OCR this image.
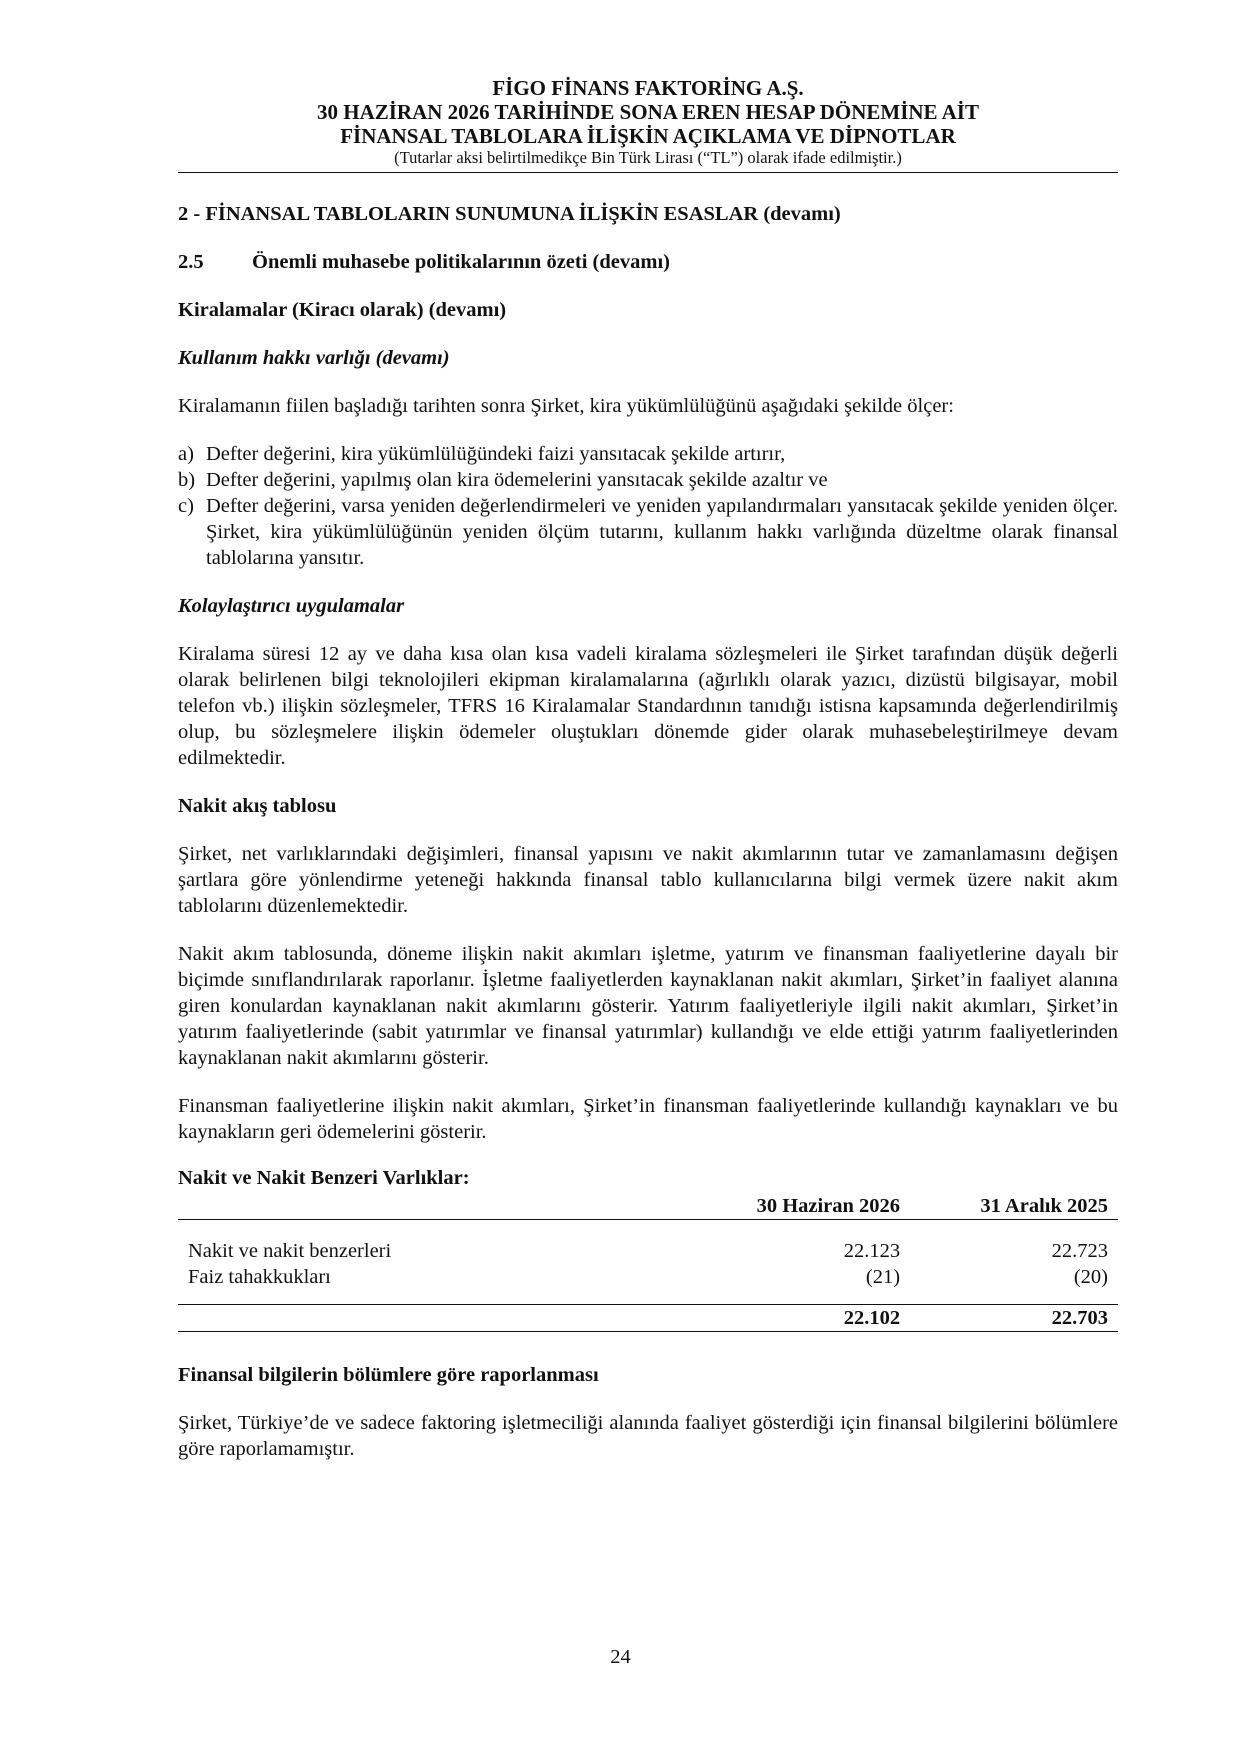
FİGO FİNANS FAKTORİNG A.Ş.
30 HAZİRAN 2026 TARİHİNDE SONA EREN HESAP DÖNEMİNE AİT
FİNANSAL TABLOLARA İLİŞKİN AÇIKLAMA VE DİPNOTLAR
(Tutarlar aksi belirtilmedikçe Bin Türk Lirası (“TL”) olarak ifade edilmiştir.)
2 - FİNANSAL TABLOLARIN SUNUMUNA İLİŞKİN ESASLAR (devamı)
2.5 Önemli muhasebe politikalarının özeti (devamı)
Kiralamalar (Kiracı olarak) (devamı)
Kullanım hakkı varlığı (devamı)

Kiralamanın fiilen başladığı tarihten sonra Şirket, kira yükümlülüğünü aşağıdaki şekilde ölçer:

a) Defter değerini, kira yükümlülüğündeki faizi yansıtacak şekilde artırır,
b) Defter değerini, yapılmış olan kira ödemelerini yansıtacak şekilde azaltır ve
c) Defter değerini, varsa yeniden değerlendirmeleri ve yeniden yapılandırmaları yansıtacak şekilde yeniden ölçer. Şirket, kira yükümlülüğünün yeniden ölçüm tutarını, kullanım hakkı varlığında düzeltme olarak finansal tablolarına yansıtır.
Kolaylaştırıcı uygulamalar

Kiralama süresi 12 ay ve daha kısa olan kısa vadeli kiralama sözleşmeleri ile Şirket tarafından düşük değerli olarak belirlenen bilgi teknolojileri ekipman kiralamalarına (ağırlıklı olarak yazıcı, dizüstü bilgisayar, mobil telefon vb.) ilişkin sözleşmeler, TFRS 16 Kiralamalar Standardının tanıdığı istisna kapsamında değerlendirilmiş olup, bu sözleşmelere ilişkin ödemeler oluştukları dönemde gider olarak muhasebeleştirilmeye devam edilmektedir.

Nakit akış tablosu

Şirket, net varlıklarındaki değişimleri, finansal yapısını ve nakit akımlarının tutar ve zamanlamasını değişen şartlara göre yönlendirme yeteneği hakkında finansal tablo kullanıcılarına bilgi vermek üzere nakit akım tablolarını düzenlemektedir.

Nakit akım tablosunda, döneme ilişkin nakit akımları işletme, yatırım ve finansman faaliyetlerine dayalı bir biçimde sınıflandırılarak raporlanır. İşletme faaliyetlerden kaynaklanan nakit akımları, Şirket’in faaliyet alanına giren konulardan kaynaklanan nakit akımlarını gösterir. Yatırım faaliyetleriyle ilgili nakit akımları, Şirket’in yatırım faaliyetlerinde (sabit yatırımlar ve finansal yatırımlar) kullandığı ve elde ettiği yatırım faaliyetlerinden kaynaklanan nakit akımlarını gösterir.

Finansman faaliyetlerine ilişkin nakit akımları, Şirket’in finansman faaliyetlerinde kullandığı kaynakları ve bu kaynakların geri ödemelerini gösterir.

Nakit ve Nakit Benzeri Varlıklar:
	30 Haziran 2026	31 Aralık 2025

Nakit ve nakit benzerleri	22.123	22.723
Faiz tahakkukları	(21)	(20)

	22.102	22.703
Finansal bilgilerin bölümlere göre raporlanması

Şirket, Türkiye’de ve sadece faktoring işletmeciliği alanında faaliyet gösterdiği için finansal bilgilerini bölümlere göre raporlamamıştır.

24
